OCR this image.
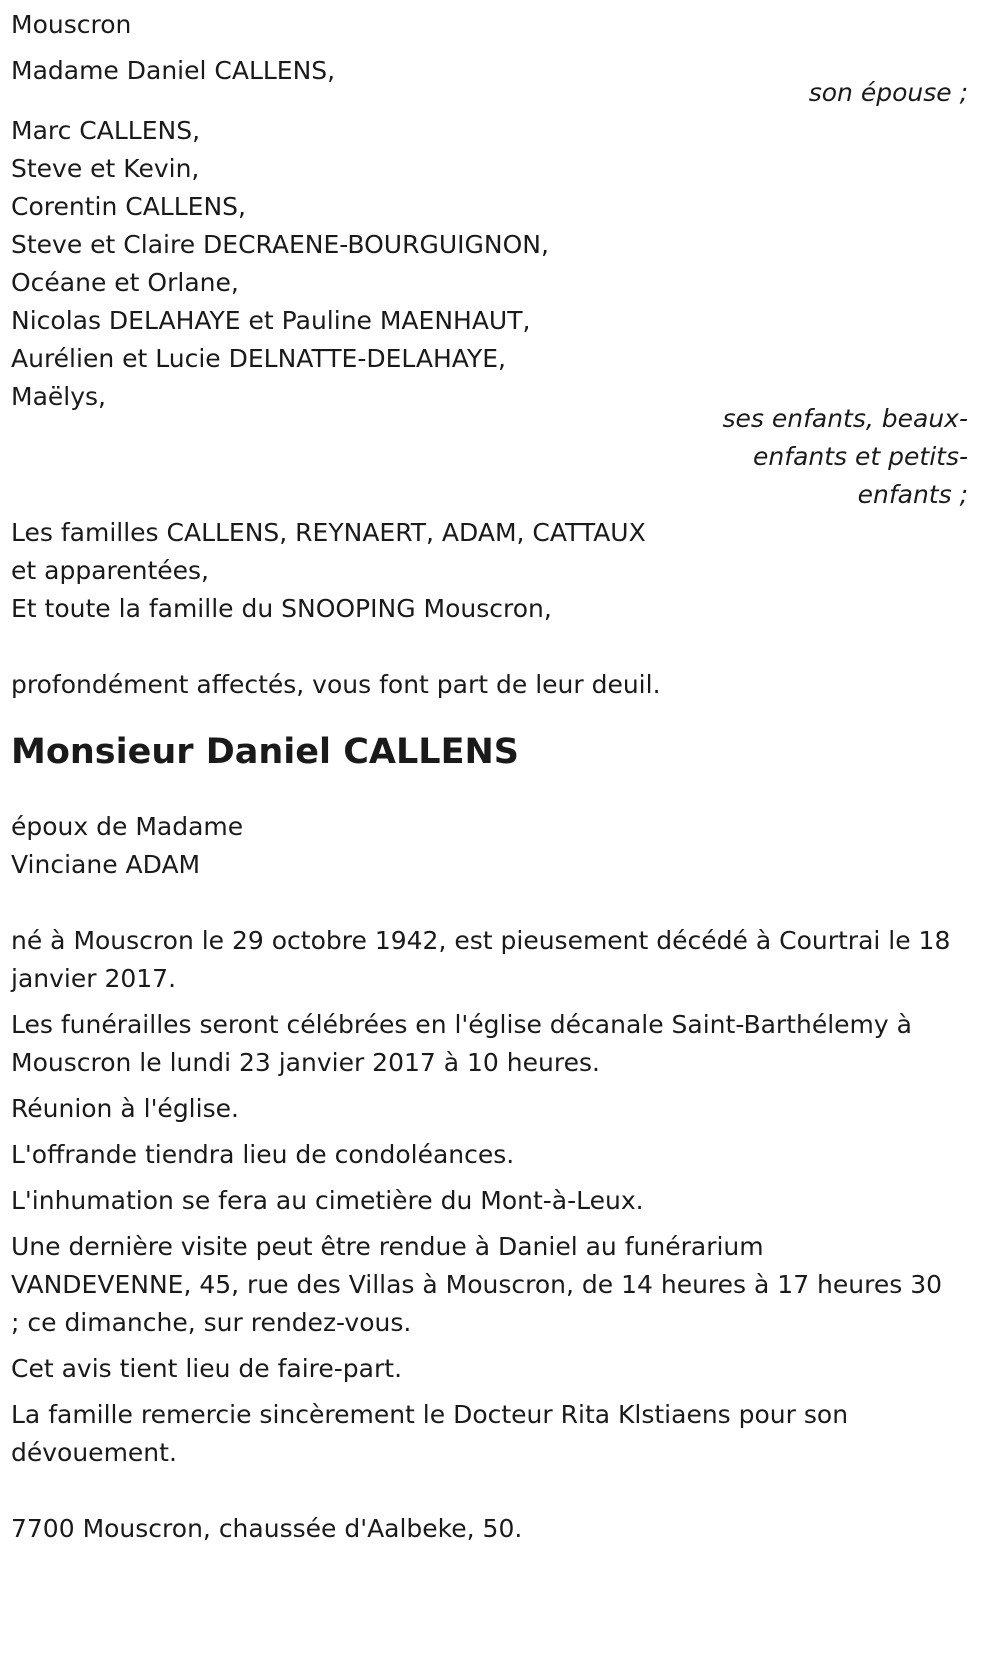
Mouscron
Madame Daniel CALLENS,
son épouse ;
Marc CALLENS,
Steve et Kevin,
Corentin CALLENS,
Steve et Claire DECRAENE-BOURGUIGNON,
Océane et Orlane,
Nicolas DELAHAYE et Pauline MAENHAUT,
Aurélien et Lucie DELNATTE-DELAHAYE,
Maëlys,
ses enfants, beaux-
enfants et petits-
enfants ;
Les familles CALLENS, REYNAERT, ADAM, CATTAUX
et apparentées,
Et toute la famille du SNOOPING Mouscron,
profondément affectés, vous font part de leur deuil.
Monsieur Daniel CALLENS
époux de Madame
Vinciane ADAM

né à Mouscron le 29 octobre 1942, est pieusement décédé à Courtrai le 18 janvier 2017.

Les funérailles seront célébrées en l'église décanale Saint-Barthélemy à Mouscron le lundi 23 janvier 2017 à 10 heures.

Réunion à l'église.

L'offrande tiendra lieu de condoléances.

L'inhumation se fera au cimetière du Mont-à-Leux.

Une dernière visite peut être rendue à Daniel au funérarium VANDEVENNE, 45, rue des Villas à Mouscron, de 14 heures à 17 heures 30 ; ce dimanche, sur rendez-vous.

Cet avis tient lieu de faire-part.

La famille remercie sincèrement le Docteur Rita Klstiaens pour son dévouement.

7700 Mouscron, chaussée d'Aalbeke, 50.
